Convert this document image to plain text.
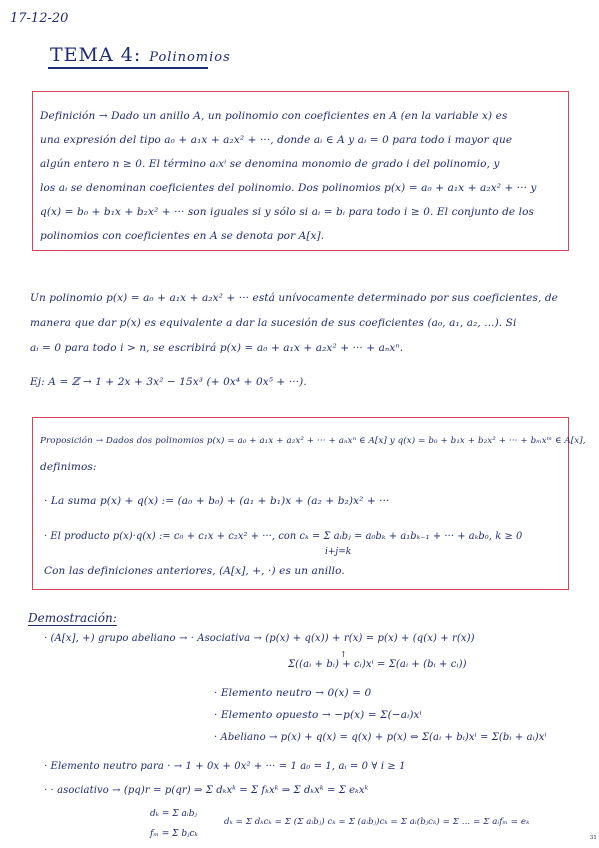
17-12-20
TEMA 4: Polinomios
Definición → Dado un anillo A, un polinomio con coeficientes en A (en la variable x) es
una expresión del tipo a₀ + a₁x + a₂x² + ···, donde aᵢ ∈ A y aᵢ = 0 para todo i mayor que
algún entero n ≥ 0. El término aᵢxⁱ se denomina monomio de grado i del polinomio, y
los aᵢ se denominan coeficientes del polinomio. Dos polinomios p(x) = a₀ + a₁x + a₂x² + ··· y
q(x) = b₀ + b₁x + b₂x² + ··· son iguales si y sólo si aᵢ = bᵢ para todo i ≥ 0. El conjunto de los
polinomios con coeficientes en A se denota por A[x].
Un polinomio p(x) = a₀ + a₁x + a₂x² + ··· está unívocamente determinado por sus coeficientes, de
manera que dar p(x) es equivalente a dar la sucesión de sus coeficientes (a₀, a₁, a₂, ...). Si
aᵢ = 0 para todo i > n, se escribirá p(x) = a₀ + a₁x + a₂x² + ··· + aₙxⁿ.
Ej: A = ℤ → 1 + 2x + 3x² − 15x³ (+ 0x⁴ + 0x⁵ + ···).
Proposición → Dados dos polinomios p(x) = a₀ + a₁x + a₂x² + ··· + aₙxⁿ ∈ A[x] y q(x) = b₀ + b₁x + b₂x² + ··· + bₘxᵐ ∈ A[x],
definimos:
· La suma p(x) + q(x) := (a₀ + b₀) + (a₁ + b₁)x + (a₂ + b₂)x² + ···
· El producto p(x)·q(x) := c₀ + c₁x + c₂x² + ···, con cₖ = Σ aᵢbⱼ = a₀bₖ + a₁bₖ₋₁ + ··· + aₖb₀, k ≥ 0
i+j=k
Con las definiciones anteriores, (A[x], +, ·) es un anillo.
Demostración:
· (A[x], +) grupo abeliano → · Asociativa → (p(x) + q(x)) + r(x) = p(x) + (q(x) + r(x))
↑
Σ((aᵢ + bᵢ) + cᵢ)xⁱ = Σ(aᵢ + (bᵢ + cᵢ))
· Elemento neutro → 0(x) = 0
· Elemento opuesto → −p(x) = Σ(−aᵢ)xⁱ
· Abeliano → p(x) + q(x) = q(x) + p(x) ⇔ Σ(aᵢ + bᵢ)xⁱ = Σ(bᵢ + aᵢ)xⁱ
· Elemento neutro para · → 1 + 0x + 0x² + ··· = 1 a₀ = 1, aᵢ = 0 ∀ i ≥ 1
· · asociativo → (pq)r = p(qr) ⇒ Σ dₖxᵏ = Σ fₖxᵏ ⇒ Σ dₖxᵏ = Σ eₖxᵏ
dₖ = Σ aᵢbⱼ
fₘ = Σ bⱼcₖ
dₖ = Σ dₖcₖ = Σ (Σ aᵢbⱼ) cₖ = Σ (aᵢbⱼ)cₖ = Σ aᵢ(bⱼcₖ) = Σ ... = Σ aᵢfₘ = eₖ
31
